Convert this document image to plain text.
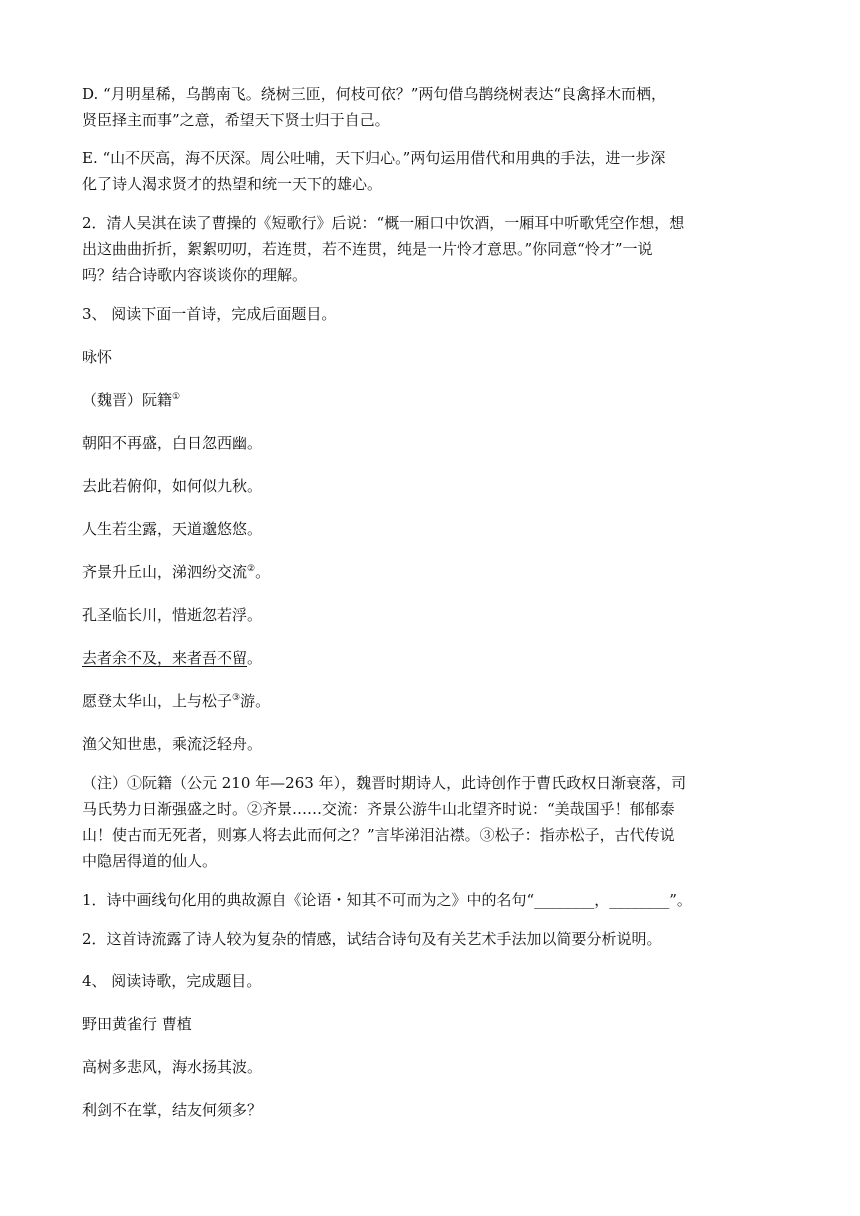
D. “月明星稀，乌鹊南飞。绕树三匝，何枝可依？”两句借乌鹊绕树表达“良禽择木而栖，

贤臣择主而事”之意，希望天下贤士归于自己。

E. “山不厌高，海不厌深。周公吐哺，天下归心。”两句运用借代和用典的手法，进一步深

化了诗人渴求贤才的热望和统一天下的雄心。

2．清人吴淇在读了曹操的《短歌行》后说：“概一厢口中饮酒，一厢耳中听歌凭空作想，想

出这曲曲折折，絮絮叨叨，若连贯，若不连贯，纯是一片怜才意思。”你同意“怜才”一说

吗？结合诗歌内容谈谈你的理解。

3、 阅读下面一首诗，完成后面题目。

咏怀

（魏晋）阮籍①

朝阳不再盛，白日忽西幽。

去此若俯仰，如何似九秋。

人生若尘露，天道邈悠悠。

齐景升丘山，涕泗纷交流②。

孔圣临长川，惜逝忽若浮。

去者余不及，来者吾不留。

愿登太华山，上与松子③游。

渔父知世患，乘流泛轻舟。

（注）①阮籍（公元 210 年—263 年），魏晋时期诗人，此诗创作于曹氏政权日渐衰落，司

马氏势力日渐强盛之时。②齐景……交流：齐景公游牛山北望齐时说：“美哉国乎！郁郁泰

山！使古而无死者，则寡人将去此而何之？”言毕涕泪沾襟。③松子：指赤松子，古代传说

中隐居得道的仙人。

1．诗中画线句化用的典故源自《论语・知其不可而为之》中的名句“________，________”。

2．这首诗流露了诗人较为复杂的情感，试结合诗句及有关艺术手法加以简要分析说明。

4、 阅读诗歌，完成题目。

野田黄雀行 曹植

高树多悲风，海水扬其波。

利剑不在掌，结友何须多？
